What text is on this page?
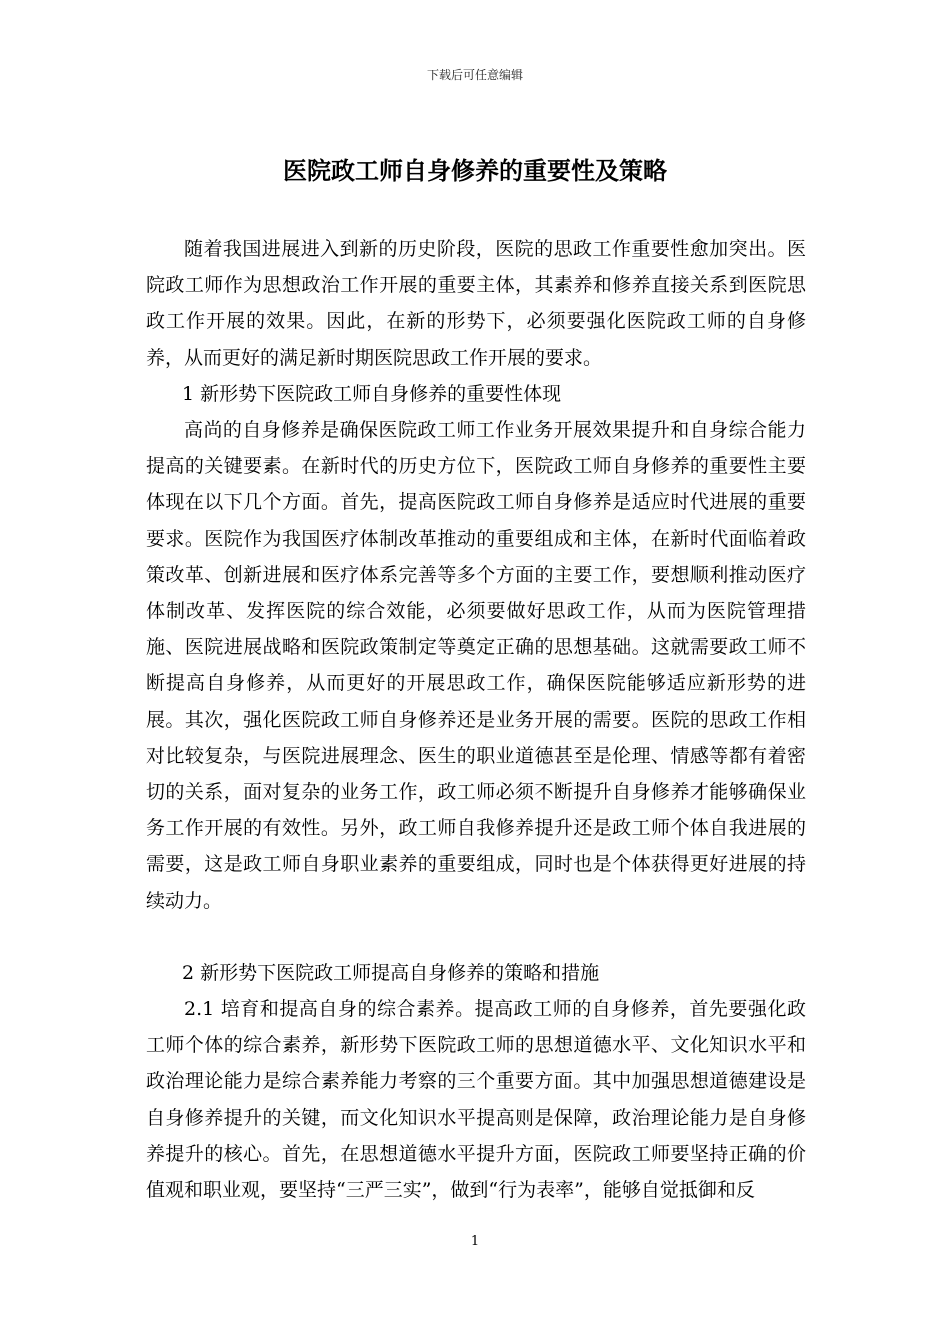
下载后可任意编辑
医院政工师自身修养的重要性及策略

随着我国进展进入到新的历史阶段，医院的思政工作重要性愈加突出。医院政工师作为思想政治工作开展的重要主体，其素养和修养直接关系到医院思政工作开展的效果。因此，在新的形势下，必须要强化医院政工师的自身修养，从而更好的满足新时期医院思政工作开展的要求。

1 新形势下医院政工师自身修养的重要性体现

高尚的自身修养是确保医院政工师工作业务开展效果提升和自身综合能力提高的关键要素。在新时代的历史方位下，医院政工师自身修养的重要性主要体现在以下几个方面。首先，提高医院政工师自身修养是适应时代进展的重要要求。医院作为我国医疗体制改革推动的重要组成和主体，在新时代面临着政策改革、创新进展和医疗体系完善等多个方面的主要工作，要想顺利推动医疗体制改革、发挥医院的综合效能，必须要做好思政工作，从而为医院管理措施、医院进展战略和医院政策制定等奠定正确的思想基础。这就需要政工师不断提高自身修养，从而更好的开展思政工作，确保医院能够适应新形势的进展。其次，强化医院政工师自身修养还是业务开展的需要。医院的思政工作相对比较复杂，与医院进展理念、医生的职业道德甚至是伦理、情感等都有着密切的关系，面对复杂的业务工作，政工师必须不断提升自身修养才能够确保业务工作开展的有效性。另外，政工师自我修养提升还是政工师个体自我进展的需要，这是政工师自身职业素养的重要组成，同时也是个体获得更好进展的持续动力。

2 新形势下医院政工师提高自身修养的策略和措施

2.1 培育和提高自身的综合素养。提高政工师的自身修养，首先要强化政工师个体的综合素养，新形势下医院政工师的思想道德水平、文化知识水平和政治理论能力是综合素养能力考察的三个重要方面。其中加强思想道德建设是自身修养提升的关键，而文化知识水平提高则是保障，政治理论能力是自身修养提升的核心。首先，在思想道德水平提升方面，医院政工师要坚持正确的价值观和职业观，要坚持“三严三实”，做到“行为表率”，能够自觉抵御和反

1
